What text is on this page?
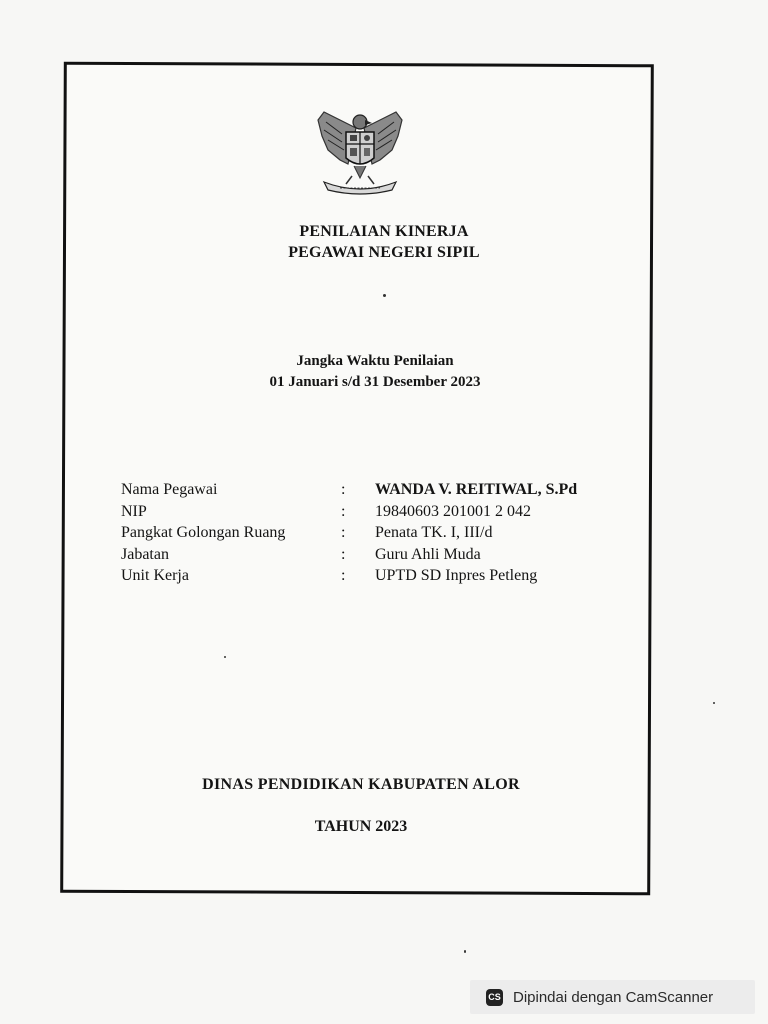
PENILAIAN KINERJA
PEGAWAI NEGERI SIPIL
Jangka Waktu Penilaian
01 Januari s/d 31 Desember 2023
Nama Pegawai	:	WANDA V. REITIWAL, S.Pd
NIP	:	19840603 201001 2 042
Pangkat Golongan Ruang	:	Penata TK. I, III/d
Jabatan	:	Guru Ahli Muda
Unit Kerja	:	UPTD SD Inpres Petleng
DINAS PENDIDIKAN KABUPATEN ALOR
TAHUN 2023
CS Dipindai dengan CamScanner
